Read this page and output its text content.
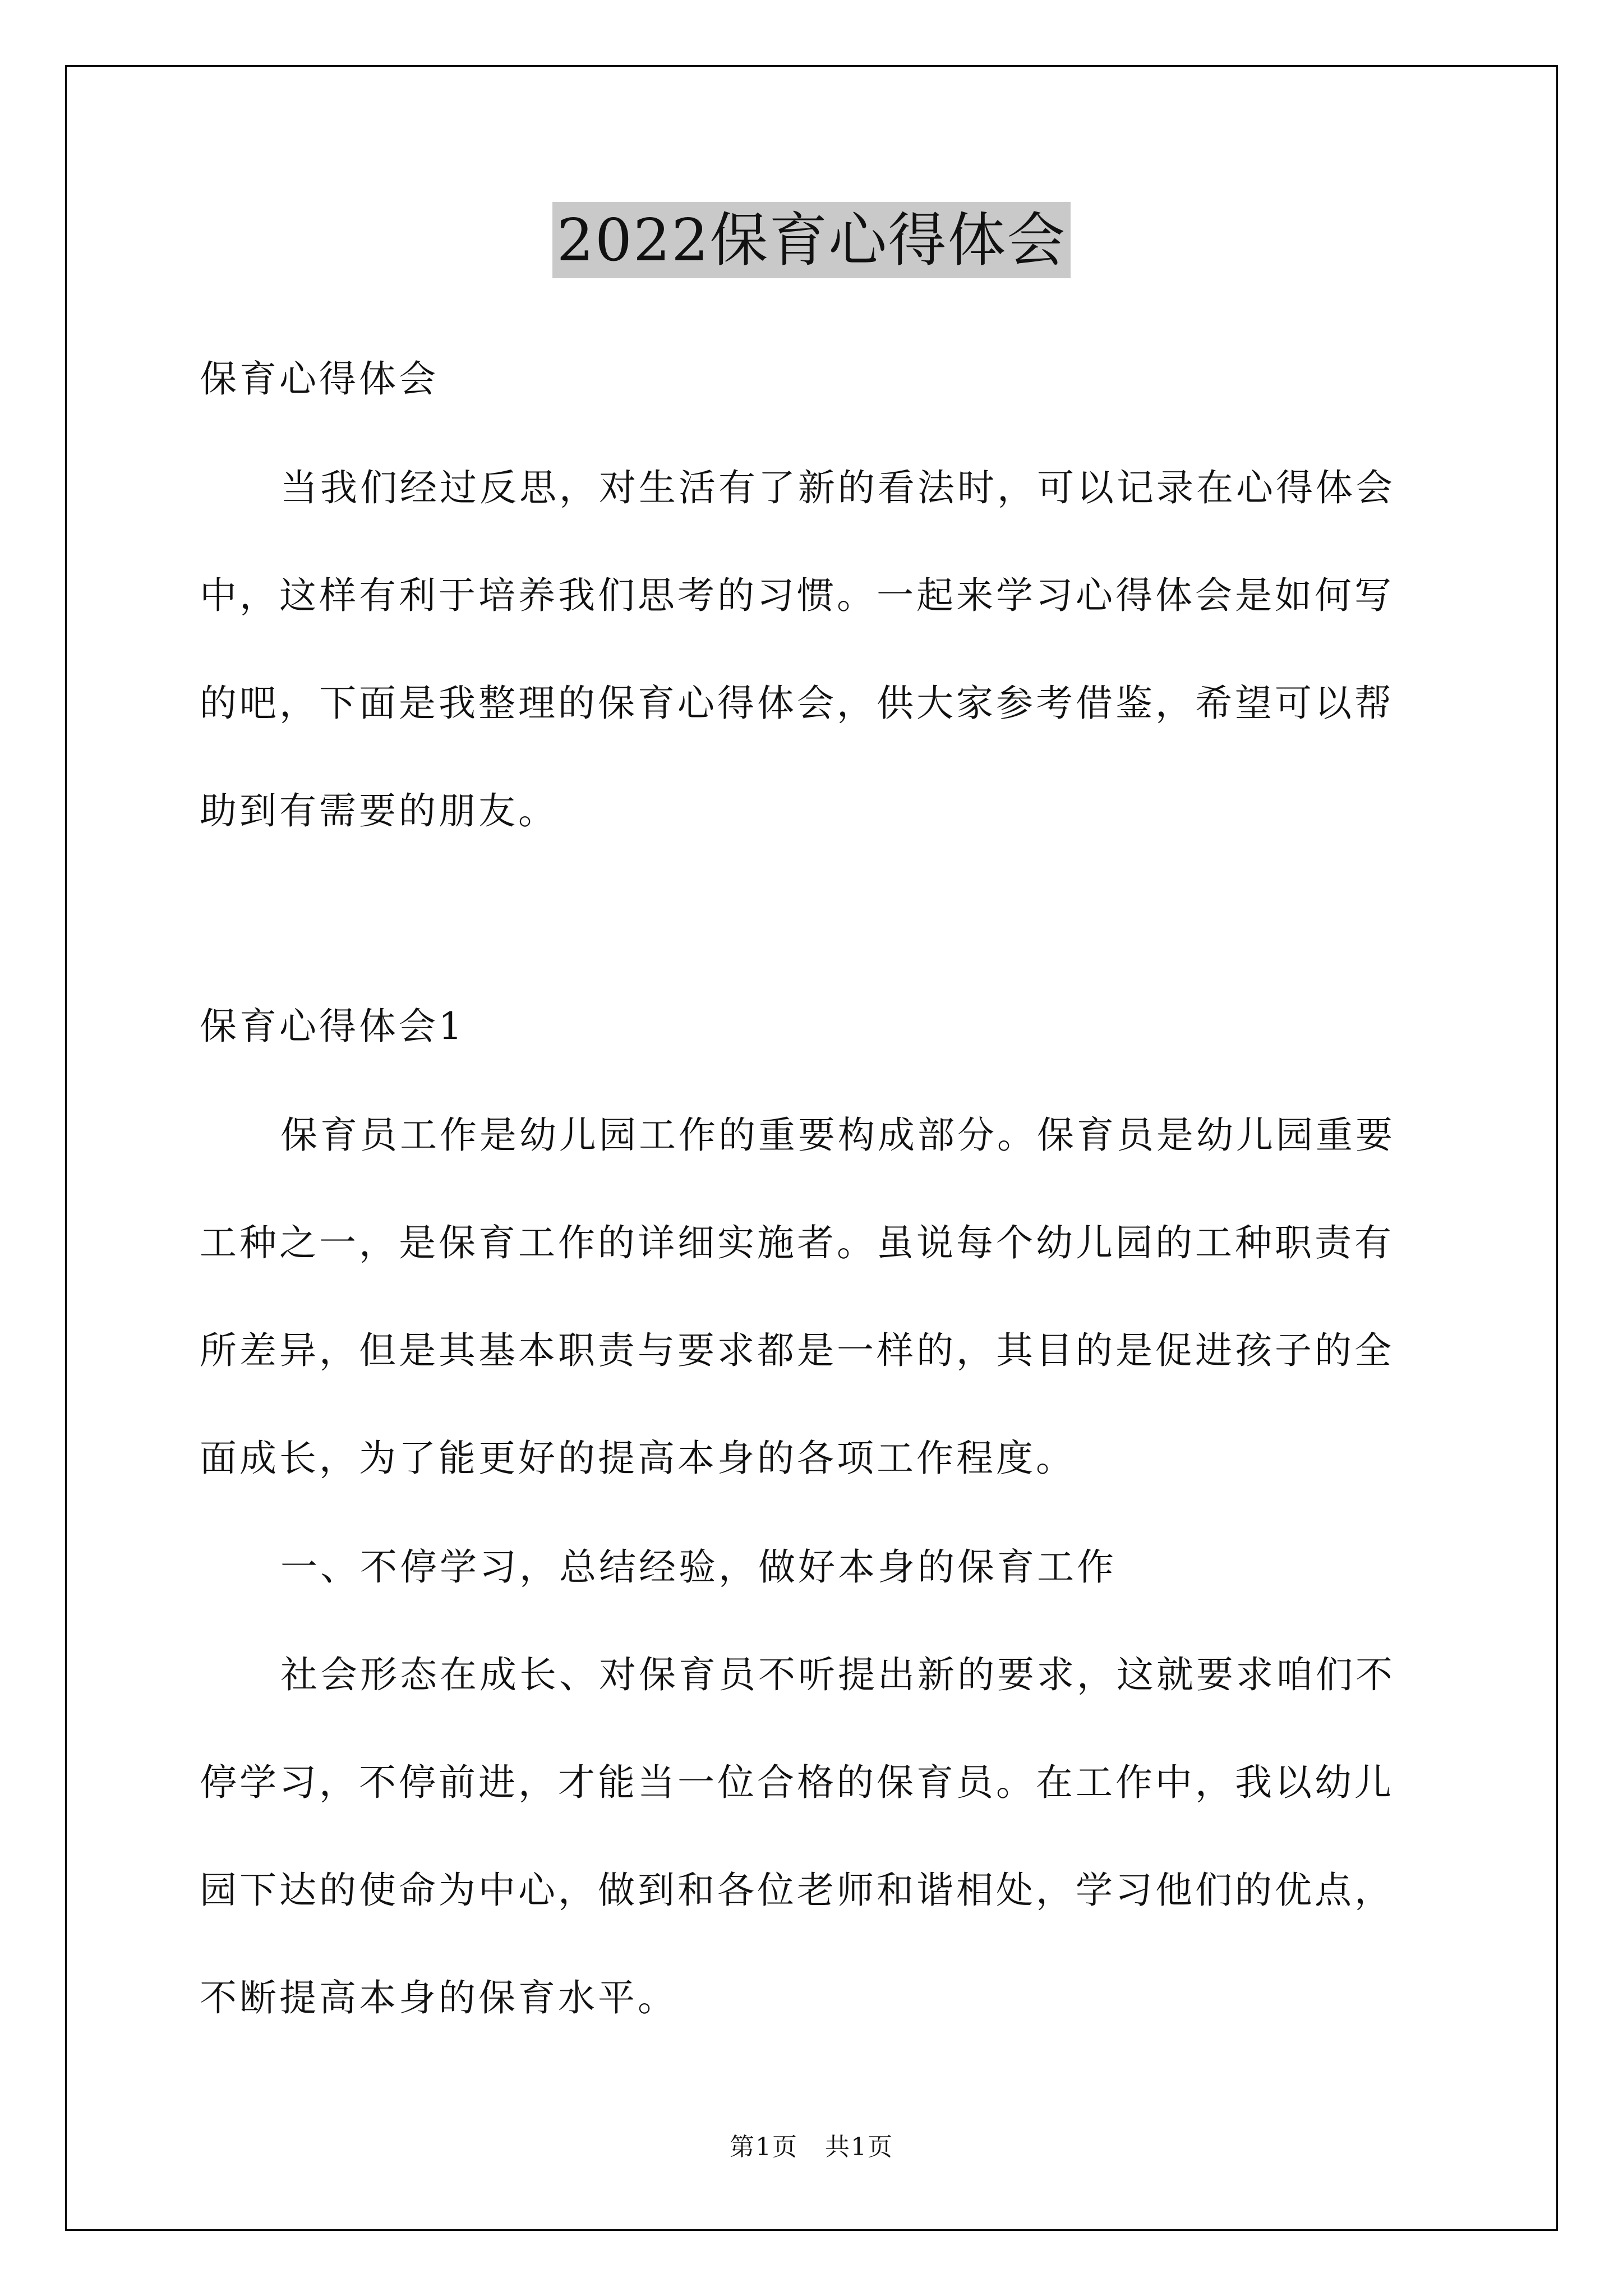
2022保育心得体会
保育心得体会
当我们经过反思，对生活有了新的看法时，可以记录在心得体会
中，这样有利于培养我们思考的习惯。一起来学习心得体会是如何写
的吧，下面是我整理的保育心得体会，供大家参考借鉴，希望可以帮
助到有需要的朋友。
保育心得体会1
保育员工作是幼儿园工作的重要构成部分。保育员是幼儿园重要
工种之一，是保育工作的详细实施者。虽说每个幼儿园的工种职责有
所差异，但是其基本职责与要求都是一样的，其目的是促进孩子的全
面成长，为了能更好的提高本身的各项工作程度。
一、不停学习，总结经验，做好本身的保育工作
社会形态在成长、对保育员不听提出新的要求，这就要求咱们不
停学习，不停前进，才能当一位合格的保育员。在工作中，我以幼儿
园下达的使命为中心，做到和各位老师和谐相处，学习他们的优点，
不断提高本身的保育水平。
第1页   共1页
